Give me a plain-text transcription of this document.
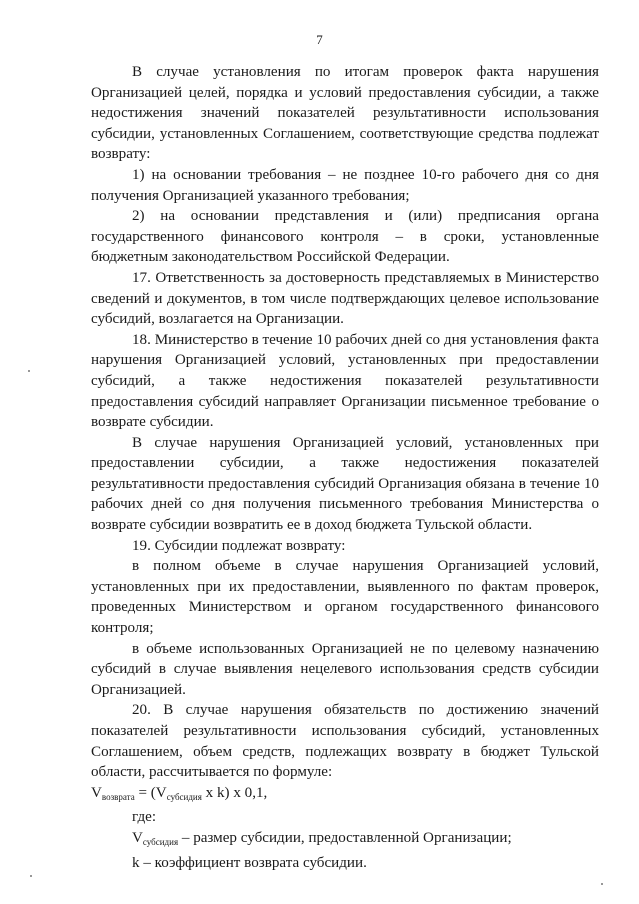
7

В случае установления по итогам проверок факта нарушения Организацией целей, порядка и условий предоставления субсидии, а также недостижения значений показателей результативности использования субсидии, установленных Соглашением, соответствующие средства подлежат возврату:

1) на основании требования – не позднее 10-го рабочего дня со дня получения Организацией указанного требования;

2) на основании представления и (или) предписания органа государственного финансового контроля – в сроки, установленные бюджетным законодательством Российской Федерации.

17. Ответственность за достоверность представляемых в Министерство сведений и документов, в том числе подтверждающих целевое использование субсидий, возлагается на Организации.

18. Министерство в течение 10 рабочих дней со дня установления факта нарушения Организацией условий, установленных при предоставлении субсидий, а также недостижения показателей результативности предоставления субсидий направляет Организации письменное требование о возврате субсидии.

В случае нарушения Организацией условий, установленных при предоставлении субсидии, а также недостижения показателей результативности предоставления субсидий Организация обязана в течение 10 рабочих дней со дня получения письменного требования Министерства о возврате субсидии возвратить ее в доход бюджета Тульской области.

19. Субсидии подлежат возврату:

в полном объеме в случае нарушения Организацией условий, установленных при их предоставлении, выявленного по фактам проверок, проведенных Министерством и органом государственного финансового контроля;

в объеме использованных Организацией не по целевому назначению субсидий в случае выявления нецелевого использования средств субсидии Организацией.

20. В случае нарушения обязательств по достижению значений показателей результативности использования субсидий, установленных Соглашением, объем средств, подлежащих возврату в бюджет Тульской области, рассчитывается по формуле:

$V_{возврата} = (V_{субсидия}$ x k) x 0,1,

где:

$V_{субсидия}$ – размер субсидии, предоставленной Организации;

k – коэффициент возврата субсидии.
